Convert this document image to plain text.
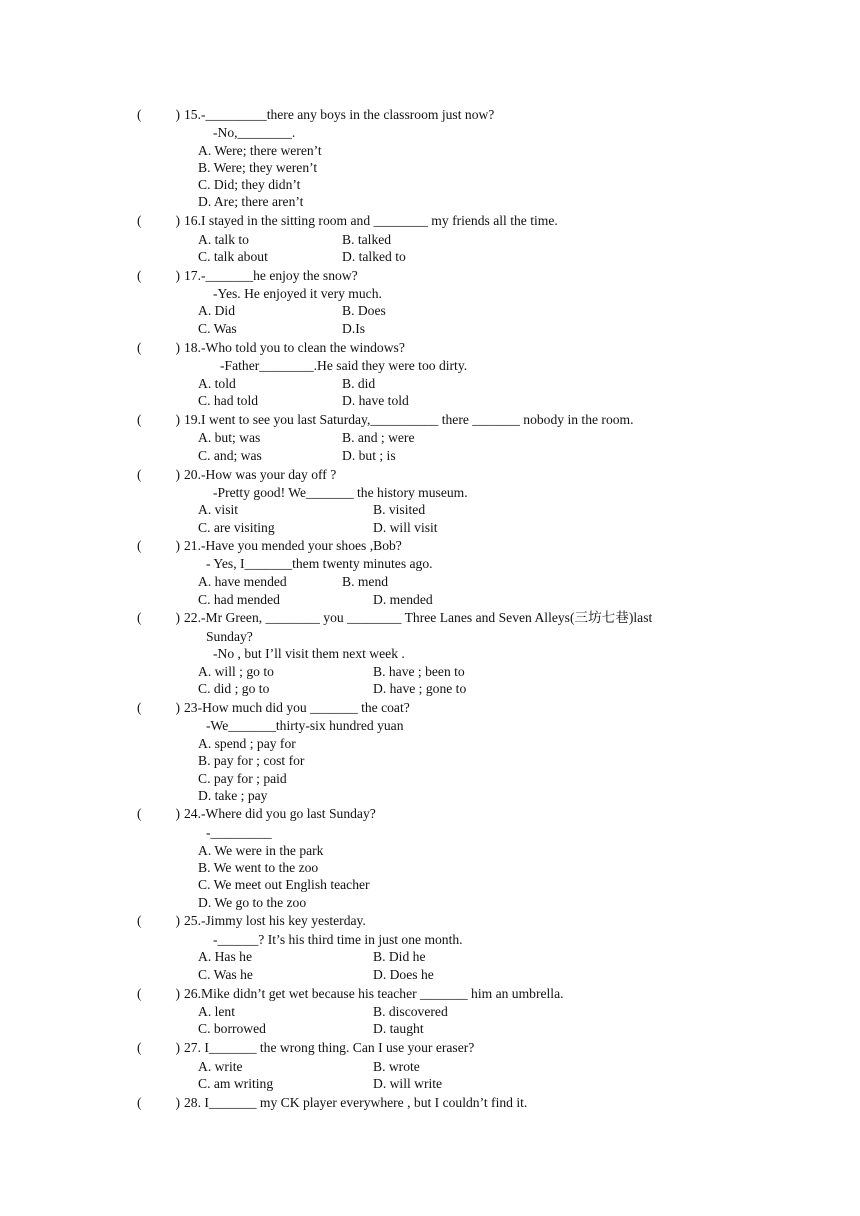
(          ) 15.-_________there any boys in the classroom just now?
-No,________.
A. Were; there weren’t
B. Were; they weren’t
C. Did; they didn’t
D. Are; there aren’t
(          ) 16.I stayed in the sitting room and ________ my friends all the time.
A. talk to	B. talked
C. talk about	D. talked to
(          ) 17.-_______he enjoy the snow?
-Yes. He enjoyed it very much.
A. Did	B. Does
C. Was	D.Is
(          ) 18.-Who told you to clean the windows?
-Father________.He said they were too dirty.
A. told	B. did
C. had told	D. have told
(          ) 19.I went to see you last Saturday,__________ there _______ nobody in the room.
A. but; was	B. and ; were
C. and; was	D. but ; is
(          ) 20.-How was your day off ?
-Pretty good! We_______ the history museum.
A. visit	B. visited
C. are visiting	D. will visit
(          ) 21.-Have you mended your shoes ,Bob?
- Yes, I_______them twenty minutes ago.
A. have mended	B. mend
C. had mended	D. mended
(          ) 22.-Mr Green, ________ you ________ Three Lanes and Seven Alleys(三坊七巷)last
Sunday?
-No , but I’ll visit them next week .
A. will ; go to	B. have ; been to
C. did ; go to	D. have ; gone to
(          ) 23-How much did you _______ the coat?
-We_______thirty-six hundred yuan
A. spend ; pay for
B. pay for ; cost for
C. pay for ; paid
D. take ; pay
(          ) 24.-Where did you go last Sunday?
-_________
A. We were in the park
B. We went to the zoo
C. We meet out English teacher
D. We go to the zoo
(          ) 25.-Jimmy lost his key yesterday.
-______? It’s his third time in just one month.
A. Has he	B. Did he
C. Was he	D. Does he
(          ) 26.Mike didn’t get wet because his teacher _______ him an umbrella.
A. lent	B. discovered
C. borrowed	D. taught
(          ) 27. I_______ the wrong thing. Can I use your eraser?
A. write	B. wrote
C. am writing	D. will write
(          ) 28. I_______ my CK player everywhere , but I couldn’t find it.
